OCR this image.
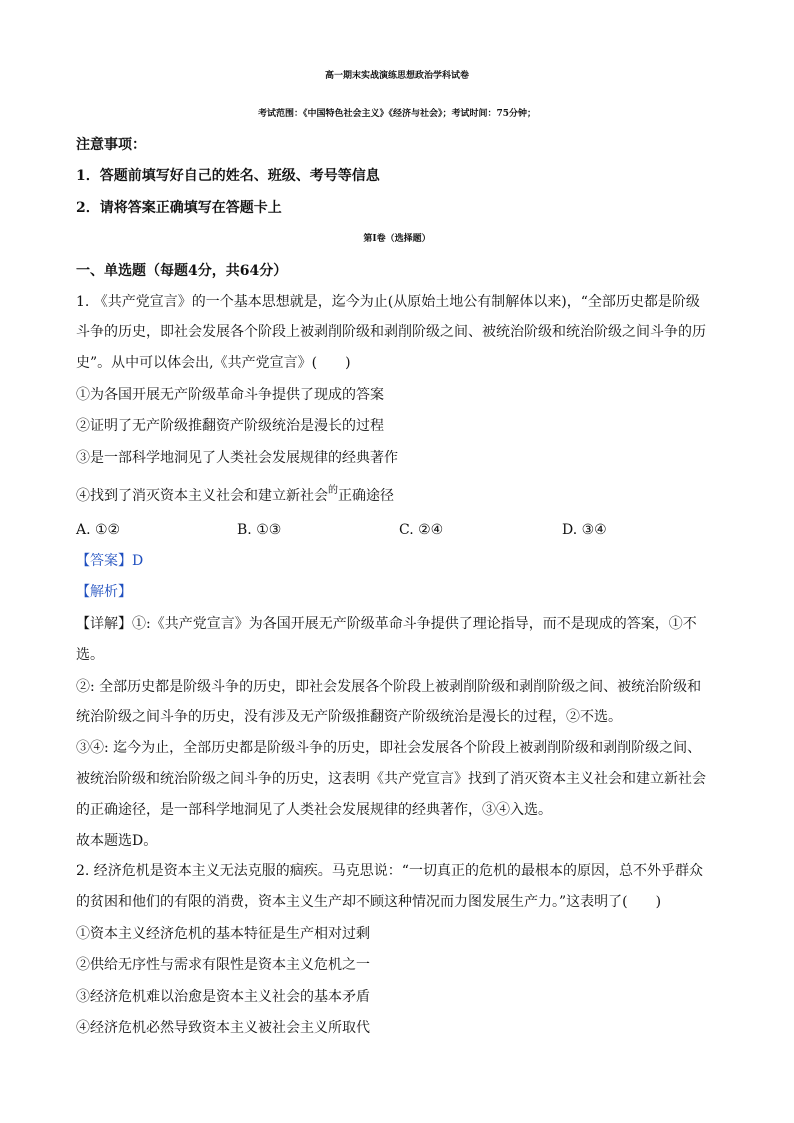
高一期末实战演练思想政治学科试卷
考试范围：《中国特色社会主义》《经济与社会》；考试时间：75分钟；
注意事项：
1．答题前填写好自己的姓名、班级、考号等信息
2．请将答案正确填写在答题卡上
第I卷（选择题）
一、单选题（每题4分，共64分）
1. 《共产党宣言》的一个基本思想就是，迄今为止(从原始土地公有制解体以来)，“全部历史都是阶级
斗争的历史，即社会发展各个阶段上被剥削阶级和剥削阶级之间、被统治阶级和统治阶级之间斗争的历
史”。从中可以体会出,《共产党宣言》(　　)
①为各国开展无产阶级革命斗争提供了现成的答案
②证明了无产阶级推翻资产阶级统治是漫长的过程
③是一部科学地洞见了人类社会发展规律的经典著作
④找到了消灭资本主义社会和建立新社会$^的$正确途径
A. ①②	B. ①③	C. ②④	D. ③④
【答案】D
【解析】
【详解】①:《共产党宣言》为各国开展无产阶级革命斗争提供了理论指导，而不是现成的答案，①不
选。
②: 全部历史都是阶级斗争的历史，即社会发展各个阶段上被剥削阶级和剥削阶级之间、被统治阶级和
统治阶级之间斗争的历史，没有涉及无产阶级推翻资产阶级统治是漫长的过程，②不选。
③④: 迄今为止，全部历史都是阶级斗争的历史，即社会发展各个阶段上被剥削阶级和剥削阶级之间、
被统治阶级和统治阶级之间斗争的历史，这表明《共产党宣言》找到了消灭资本主义社会和建立新社会
的正确途径，是一部科学地洞见了人类社会发展规律的经典著作，③④入选。
故本题选D。
2. 经济危机是资本主义无法克服的痼疾。马克思说：“一切真正的危机的最根本的原因，总不外乎群众
的贫困和他们的有限的消费，资本主义生产却不顾这种情况而力图发展生产力。”这表明了(　　)
①资本主义经济危机的基本特征是生产相对过剩
②供给无序性与需求有限性是资本主义危机之一
③经济危机难以治愈是资本主义社会的基本矛盾
④经济危机必然导致资本主义被社会主义所取代
